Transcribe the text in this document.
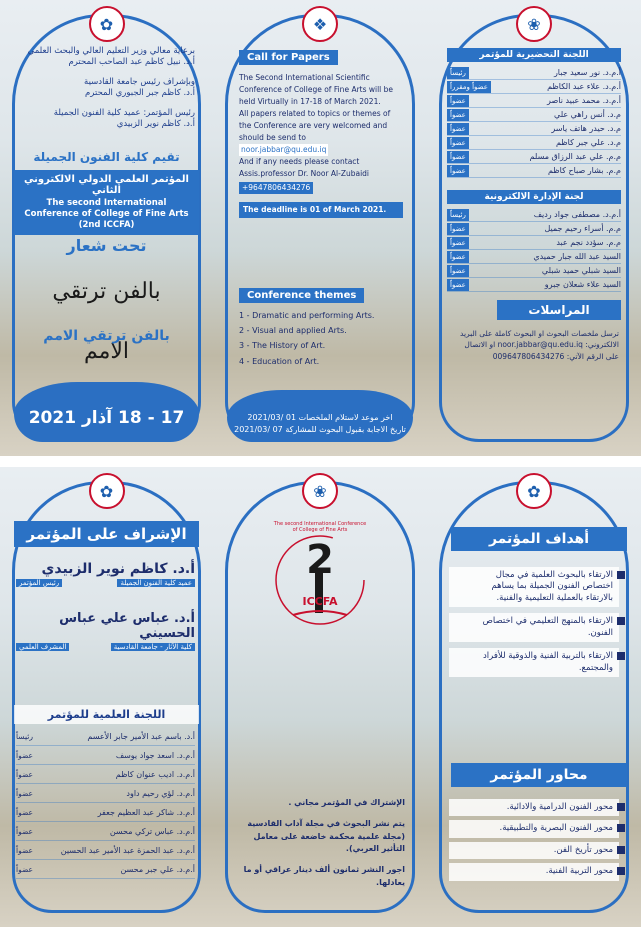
✿
برعاية معالي وزير التعليم العالي والبحث العلمي
أ.د. نبيل كاظم عبد الصاحب المحترم
وبإشراف رئيس جامعة القادسية
أ.د. كاظم جبر الجبوري المحترم
رئيس المؤتمر: عميد كلية الفنون الجميلة
أ.د. كاظم نوير الزبيدي
تقيم كلية الفنون الجميلة
المؤتمر العلمي الدولي الالكتروني الثاني
The second International Conference of College of Fine Arts (2nd ICCFA)
تحت شعار
بالفن ترتقي الامم
بالفن ترتقي الامم
17 - 18 آذار 2021
❖
Call for Papers
The Second International Scientific Conference of College of Fine Arts will be held Virtually in 17-18 of March 2021.
All papers related to topics or themes of the Conference are very welcomed and should be send to
noor.jabbar@qu.edu.iq
And if any needs please contact Assis.professor Dr. Noor Al-Zubaidi
+9647806434276
The deadline is 01 of March 2021.
Conference themes
1 - Dramatic and performing Arts.
2 - Visual and applied Arts.
3 - The History of Art.
4 - Education of Art.
اخر موعد لاستلام الملخصات 01 /2021/03
تاريخ الاجابة بقبول البحوث للمشاركة 07 /2021/03
❀
اللجنة التحضيرية للمؤتمر
أ.م.د. نور سعيد جبار
رئيساً
أ.م.د. علاء عبد الكاظم
عضواً ومقرراً
أ.م.د. محمد عبيد ناصر
عضواً
م.د. أنس راهي علي
عضواً
م.د. حيدر هاتف ياسر
عضواً
م.د. علي جبر كاظم
عضواً
م.م. علي عبد الرزاق مسلم
عضواً
م.م. بشار صباح كاظم
عضواً
لجنة الإدارة الالكترونية
أ.م.د. مصطفى جواد رديف
رئيساً
م.م. أسراء رحيم جميل
عضواً
م.م. سؤدد نجم عبد
عضواً
السيد عبد الله جبار حميدي
عضواً
السيد شبلي حميد شبلي
عضواً
السيد علاء شعلان جبرو
عضواً
المراسلات
ترسل ملخصات البحوث او البحوث كاملة على البريد الالكتروني: noor.jabbar@qu.edu.iq او الاتصال على الرقم الآتي: 009647806434276
✿
الإشراف على المؤتمر
أ.د. كاظم نوير الزبيدي
عميد كلية الفنون الجميلة
رئيس المؤتمر
أ.د. عباس علي عباس الحسيني
كلية الآثار - جامعة القادسية
المشرف العلمي
اللجنة العلمية للمؤتمر
أ.د. باسم عبد الأمير جابر الأعسم
رئيساً
أ.م.د. اسعد جواد يوسف
عضواً
أ.م.د. اديب عنوان كاظم
عضواً
أ.م.د. لؤي رحيم داود
عضواً
أ.م.د. شاكر عبد العظيم جعفر
عضواً
أ.م.د. عباس تركي محسن
عضواً
أ.م.د. عبد الحمزة عبد الأمير عبد الحسين
عضواً
أ.م.د. علي جبر محسن
عضواً
❀
2
ICCFA
The second International Conference of College of Fine Arts
الإشتراك في المؤتمر مجاني .
يتم نشر البحوث في مجلة آداب القادسية (مجلة علمية محكمة خاضعة على معامل التأثير العربي).
اجور النشر ثمانون ألف دينار عراقي أو ما يعادلها.
✿
أهداف المؤتمر
الارتقاء بالبحوث العلمية في مجال اختصاص الفنون الجميلة بما يساهم بالارتقاء بالعملية التعليمية والفنية.
الارتقاء بالمنهج التعليمي في اختصاص الفنون.
الارتقاء بالتربية الفنية والذوقية للأفراد والمجتمع.
محاور المؤتمر
محور الفنون الدرامية والادائية.
محور الفنون البصرية والتطبيقية.
محور تأريخ الفن.
محور التربية الفنية.
